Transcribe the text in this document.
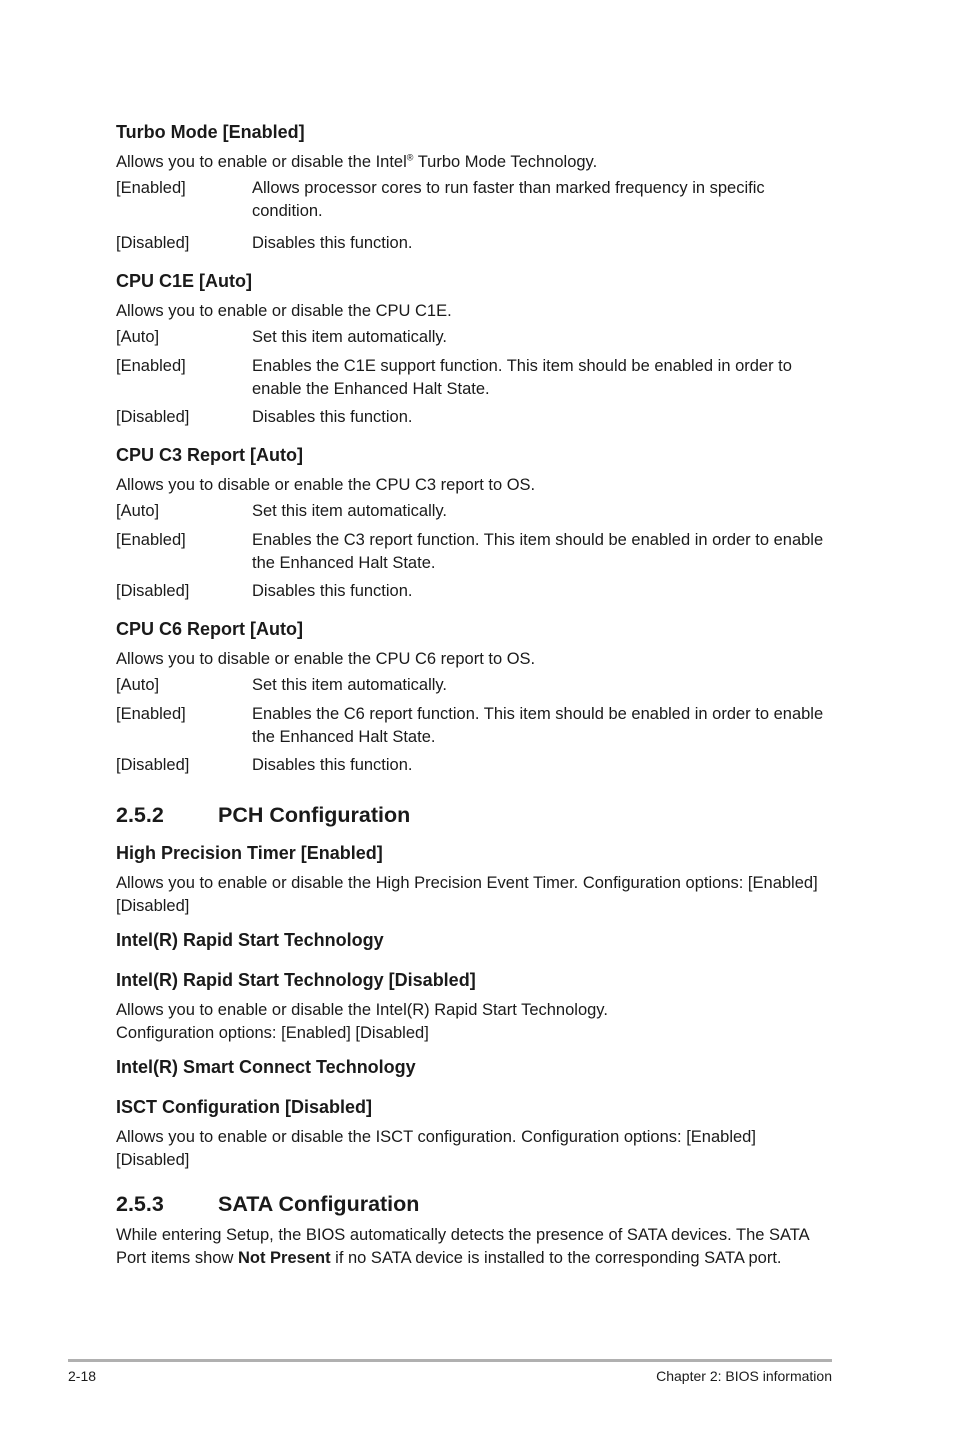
Turbo Mode [Enabled]

Allows you to enable or disable the Intel® Turbo Mode Technology.

[Enabled]	Allows processor cores to run faster than marked frequency in specific condition.
[Disabled]	Disables this function.

CPU C1E [Auto]

Allows you to enable or disable the CPU C1E.

[Auto]	Set this item automatically.
[Enabled]	Enables the C1E support function. This item should be enabled in order to enable the Enhanced Halt State.
[Disabled]	Disables this function.

CPU C3 Report [Auto]

Allows you to disable or enable the CPU C3 report to OS.

[Auto]	Set this item automatically.
[Enabled]	Enables the C3 report function. This item should be enabled in order to enable the Enhanced Halt State.
[Disabled]	Disables this function.

CPU C6 Report [Auto]

Allows you to disable or enable the CPU C6 report to OS.

[Auto]	Set this item automatically.
[Enabled]	Enables the C6 report function. This item should be enabled in order to enable the Enhanced Halt State.
[Disabled]	Disables this function.

2.5.2	PCH Configuration

High Precision Timer [Enabled]

Allows you to enable or disable the High Precision Event Timer. Configuration options: [Enabled] [Disabled]

Intel(R) Rapid Start Technology

Intel(R) Rapid Start Technology [Disabled]

Allows you to enable or disable the Intel(R) Rapid Start Technology.

Configuration options: [Enabled] [Disabled]

Intel(R) Smart Connect Technology

ISCT Configuration [Disabled]

Allows you to enable or disable the ISCT configuration. Configuration options: [Enabled] [Disabled]

2.5.3	SATA Configuration

While entering Setup, the BIOS automatically detects the presence of SATA devices. The SATA Port items show Not Present if no SATA device is installed to the corresponding SATA port.

2-18	Chapter 2: BIOS information
